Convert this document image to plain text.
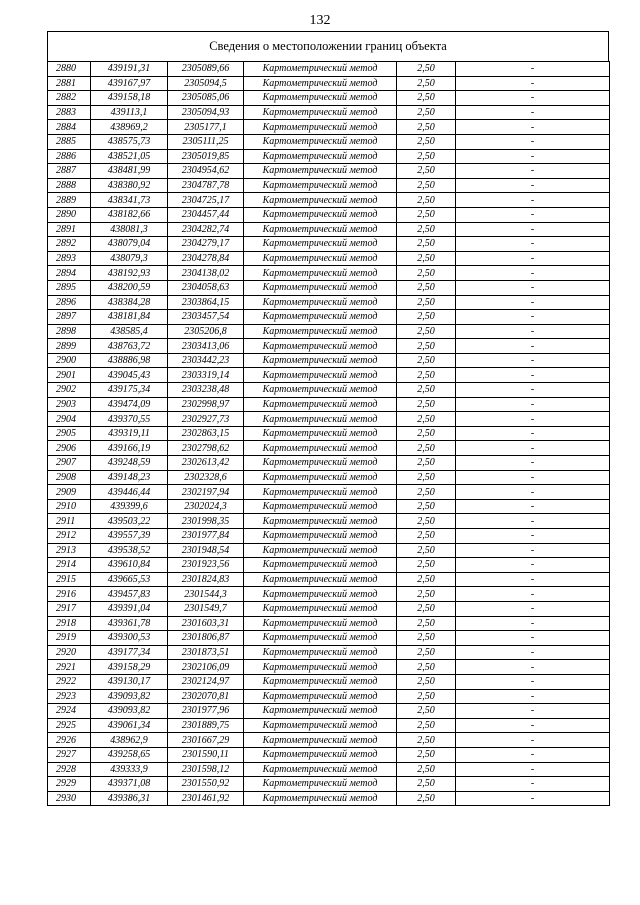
132
Сведения о местоположении границ объекта
2880	439191,31	2305089,66	Картометрический метод	2,50	-
2881	439167,97	2305094,5	Картометрический метод	2,50	-
2882	439158,18	2305085,06	Картометрический метод	2,50	-
2883	439113,1	2305094,93	Картометрический метод	2,50	-
2884	438969,2	2305177,1	Картометрический метод	2,50	-
2885	438575,73	2305111,25	Картометрический метод	2,50	-
2886	438521,05	2305019,85	Картометрический метод	2,50	-
2887	438481,99	2304954,62	Картометрический метод	2,50	-
2888	438380,92	2304787,78	Картометрический метод	2,50	-
2889	438341,73	2304725,17	Картометрический метод	2,50	-
2890	438182,66	2304457,44	Картометрический метод	2,50	-
2891	438081,3	2304282,74	Картометрический метод	2,50	-
2892	438079,04	2304279,17	Картометрический метод	2,50	-
2893	438079,3	2304278,84	Картометрический метод	2,50	-
2894	438192,93	2304138,02	Картометрический метод	2,50	-
2895	438200,59	2304058,63	Картометрический метод	2,50	-
2896	438384,28	2303864,15	Картометрический метод	2,50	-
2897	438181,84	2303457,54	Картометрический метод	2,50	-
2898	438585,4	2305206,8	Картометрический метод	2,50	-
2899	438763,72	2303413,06	Картометрический метод	2,50	-
2900	438886,98	2303442,23	Картометрический метод	2,50	-
2901	439045,43	2303319,14	Картометрический метод	2,50	-
2902	439175,34	2303238,48	Картометрический метод	2,50	-
2903	439474,09	2302998,97	Картометрический метод	2,50	-
2904	439370,55	2302927,73	Картометрический метод	2,50	-
2905	439319,11	2302863,15	Картометрический метод	2,50	-
2906	439166,19	2302798,62	Картометрический метод	2,50	-
2907	439248,59	2302613,42	Картометрический метод	2,50	-
2908	439148,23	2302328,6	Картометрический метод	2,50	-
2909	439446,44	2302197,94	Картометрический метод	2,50	-
2910	439399,6	2302024,3	Картометрический метод	2,50	-
2911	439503,22	2301998,35	Картометрический метод	2,50	-
2912	439557,39	2301977,84	Картометрический метод	2,50	-
2913	439538,52	2301948,54	Картометрический метод	2,50	-
2914	439610,84	2301923,56	Картометрический метод	2,50	-
2915	439665,53	2301824,83	Картометрический метод	2,50	-
2916	439457,83	2301544,3	Картометрический метод	2,50	-
2917	439391,04	2301549,7	Картометрический метод	2,50	-
2918	439361,78	2301603,31	Картометрический метод	2,50	-
2919	439300,53	2301806,87	Картометрический метод	2,50	-
2920	439177,34	2301873,51	Картометрический метод	2,50	-
2921	439158,29	2302106,09	Картометрический метод	2,50	-
2922	439130,17	2302124,97	Картометрический метод	2,50	-
2923	439093,82	2302070,81	Картометрический метод	2,50	-
2924	439093,82	2301977,96	Картометрический метод	2,50	-
2925	439061,34	2301889,75	Картометрический метод	2,50	-
2926	438962,9	2301667,29	Картометрический метод	2,50	-
2927	439258,65	2301590,11	Картометрический метод	2,50	-
2928	439333,9	2301598,12	Картометрический метод	2,50	-
2929	439371,08	2301550,92	Картометрический метод	2,50	-
2930	439386,31	2301461,92	Картометрический метод	2,50	-
